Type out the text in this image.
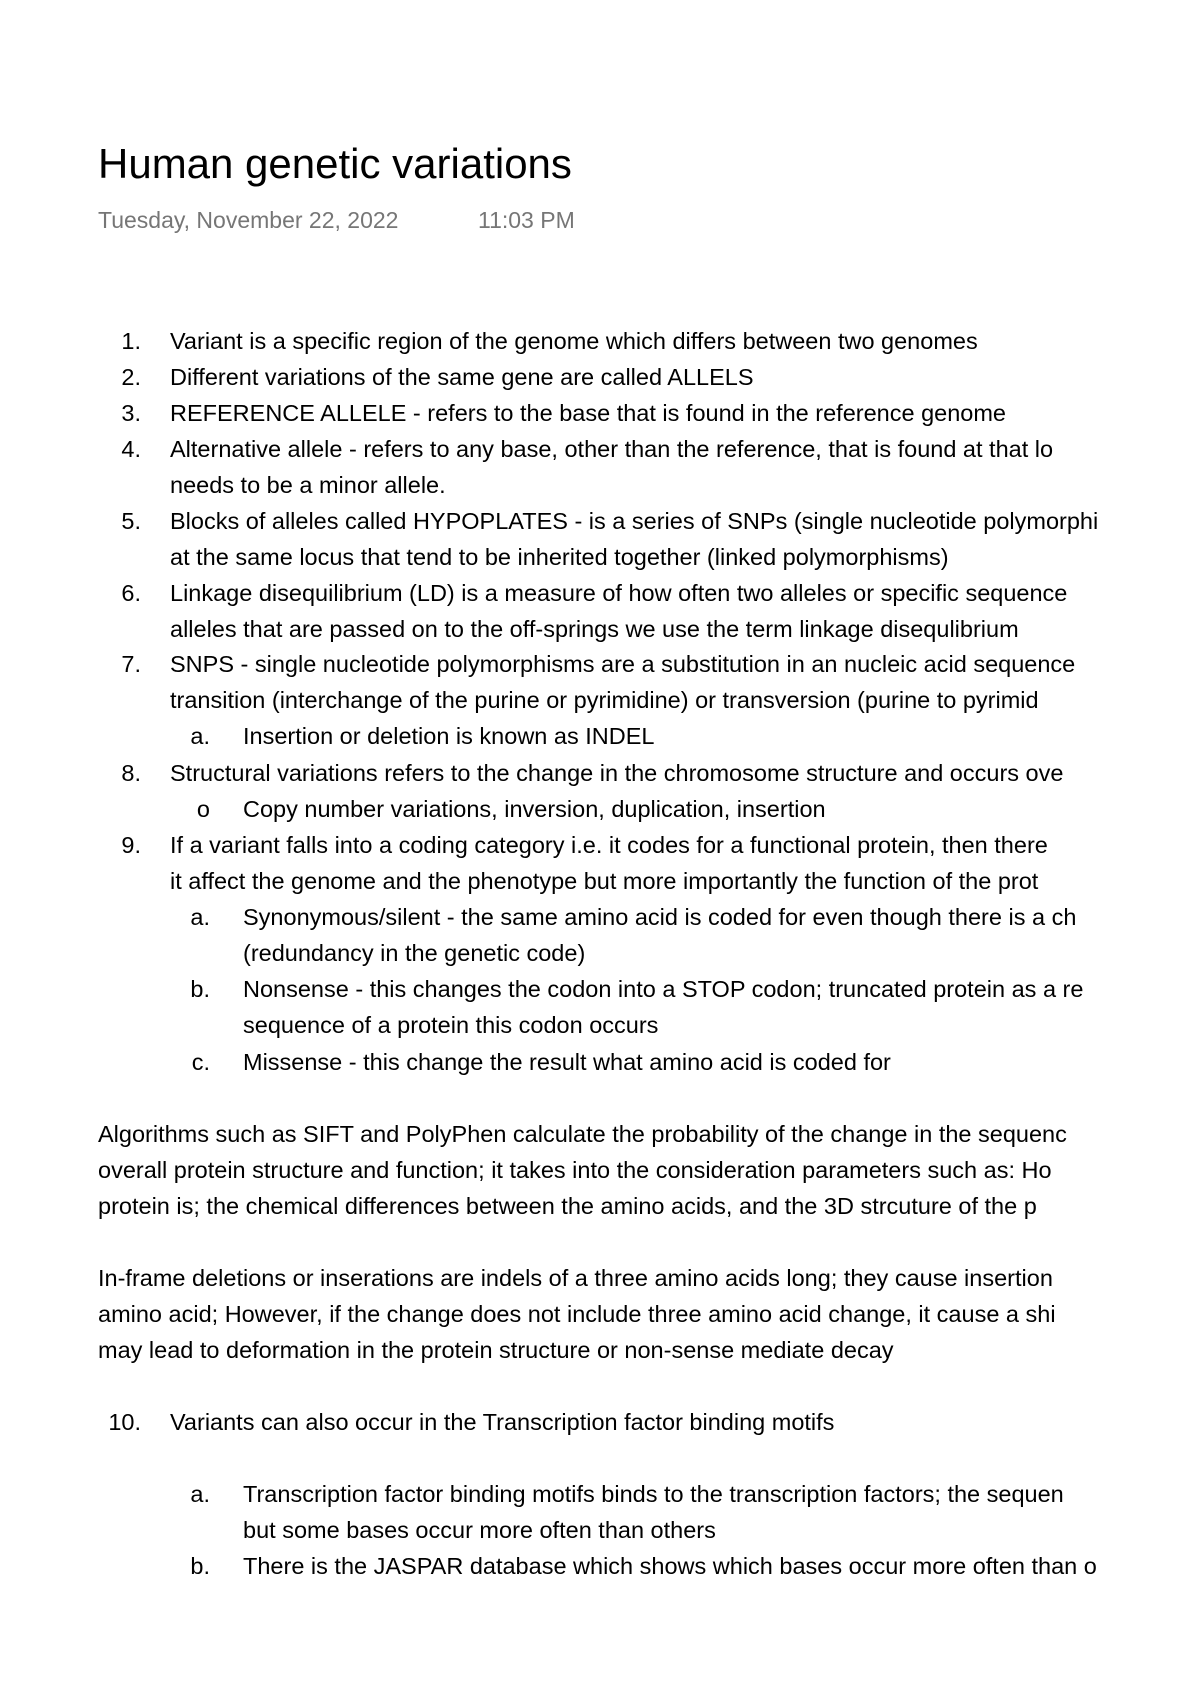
Human genetic variations
Tuesday, November 22, 2022	11:03 PM
1. Variant is a specific region of the genome which differs between two genomes
2. Different variations of the same gene are called ALLELS
3. REFERENCE ALLELE - refers to the base that is found in the reference genome
4. Alternative allele - refers to any base, other than the reference, that is found at that lo
needs to be a minor allele.
5. Blocks of alleles called HYPOPLATES - is a series of SNPs (single nucleotide polymorphi
at the same locus that tend to be inherited together (linked polymorphisms)
6. Linkage disequilibrium (LD) is a measure of how often two alleles or specific sequence
alleles that are passed on to the off-springs we use the term linkage disequlibrium
7. SNPS - single nucleotide polymorphisms are a substitution in an nucleic acid sequence
transition (interchange of the purine or pyrimidine) or transversion (purine to pyrimid
a. Insertion or deletion is known as INDEL
8. Structural variations refers to the change in the chromosome structure and occurs ove
o Copy number variations, inversion, duplication, insertion
9. If a variant falls into a coding category i.e. it codes for a functional protein, then there
it affect the genome and the phenotype but more importantly the function of the prot
a. Synonymous/silent - the same amino acid is coded for even though there is a ch
(redundancy in the genetic code)
b. Nonsense - this changes the codon into a STOP codon; truncated protein as a re
sequence of a protein this codon occurs
c. Missense - this change the result what amino acid is coded for
Algorithms such as SIFT and PolyPhen calculate the probability of the change in the sequenc
overall protein structure and function; it takes into the consideration parameters such as: Ho
protein is; the chemical differences between the amino acids, and the 3D strcuture of the p
In-frame deletions or inserations are indels of a three amino acids long; they cause insertion
amino acid; However, if the change does not include three amino acid change, it cause a shi
may lead to deformation in the protein structure or non-sense mediate decay
10. Variants can also occur in the Transcription factor binding motifs
a. Transcription factor binding motifs binds to the transcription factors; the sequen
but some bases occur more often than others
b. There is the JASPAR database which shows which bases occur more often than o
